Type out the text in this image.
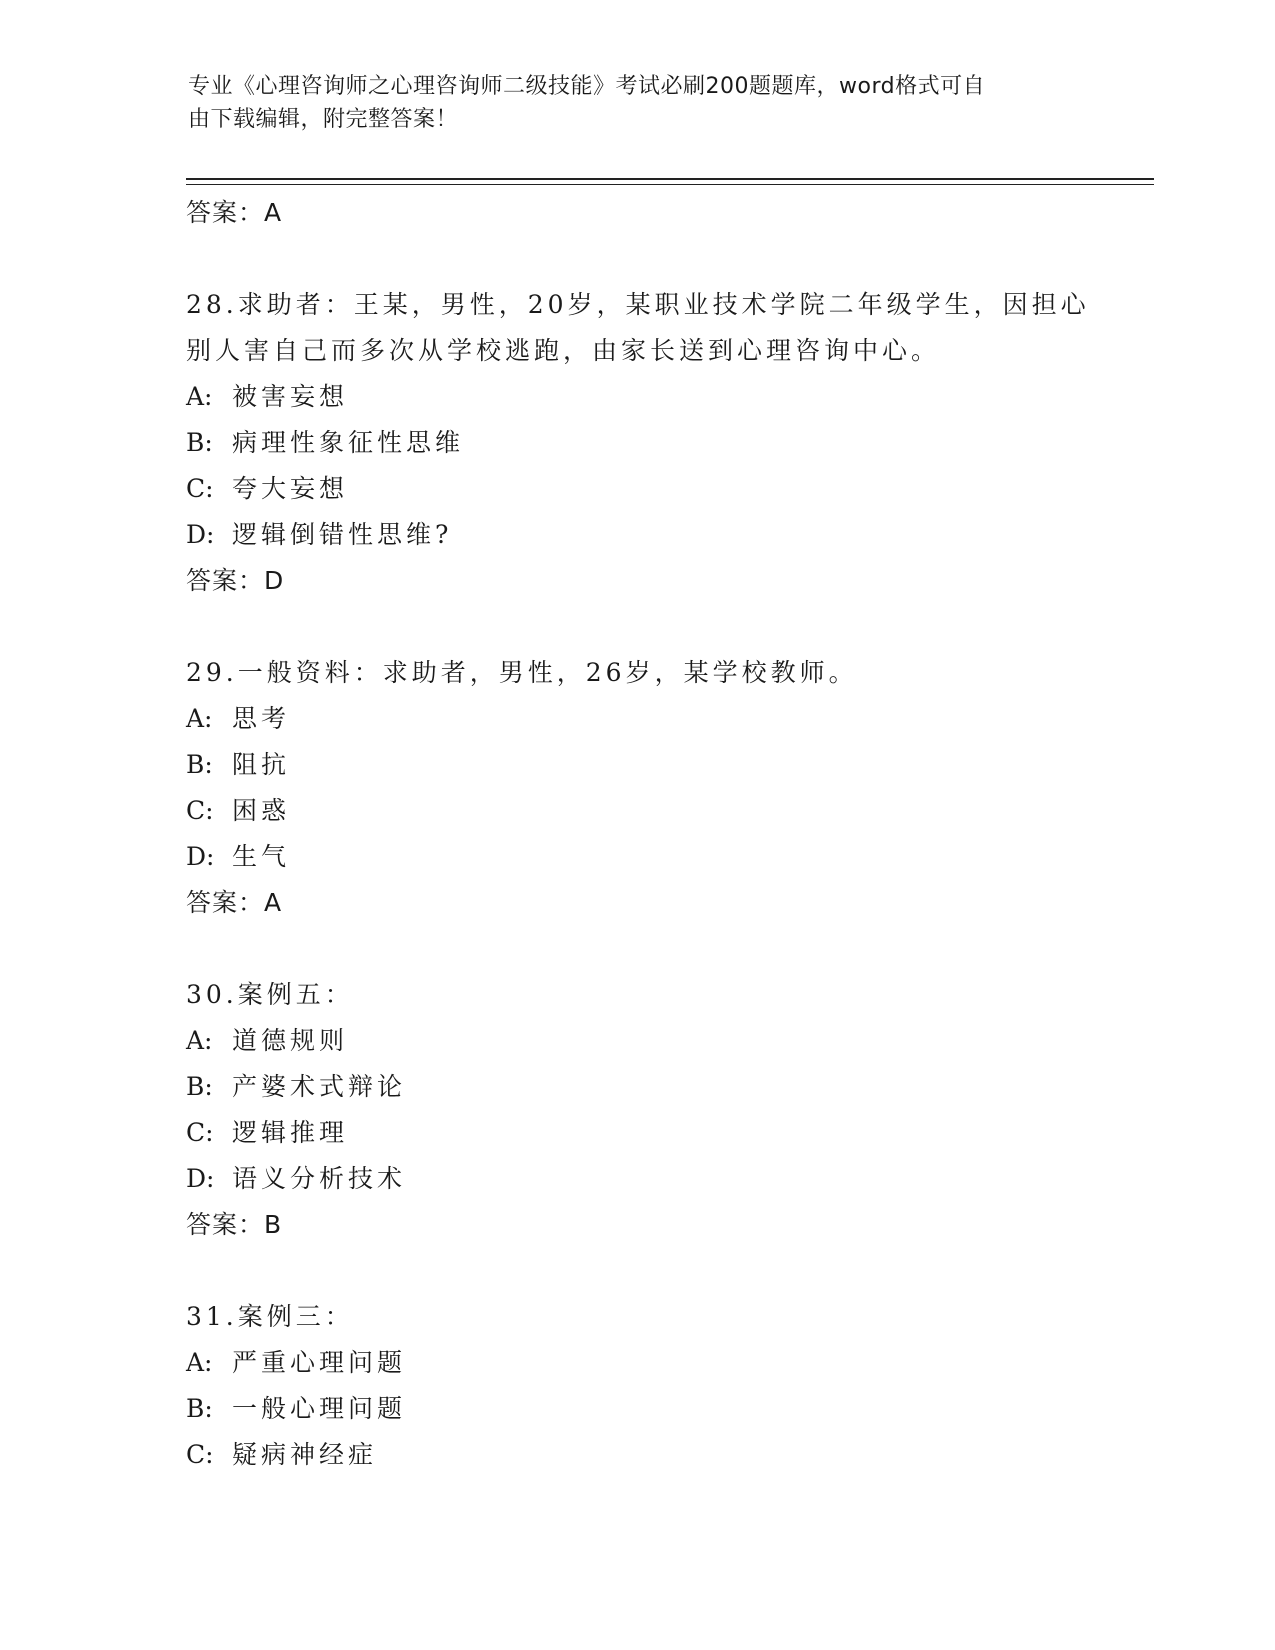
专业《心理咨询师之心理咨询师二级技能》考试必刷200题题库，word格式可自
由下载编辑，附完整答案！
答案：A
28.求助者：王某，男性，20岁，某职业技术学院二年级学生，因担心
别人害自己而多次从学校逃跑，由家长送到心理咨询中心。
A: 被害妄想
B: 病理性象征性思维
C: 夸大妄想
D: 逻辑倒错性思维?
答案：D
29.一般资料：求助者，男性，26岁，某学校教师。
A: 思考
B: 阻抗
C: 困惑
D: 生气
答案：A
30.案例五：
A: 道德规则
B: 产婆术式辩论
C: 逻辑推理
D: 语义分析技术
答案：B
31.案例三：
A: 严重心理问题
B: 一般心理问题
C: 疑病神经症
